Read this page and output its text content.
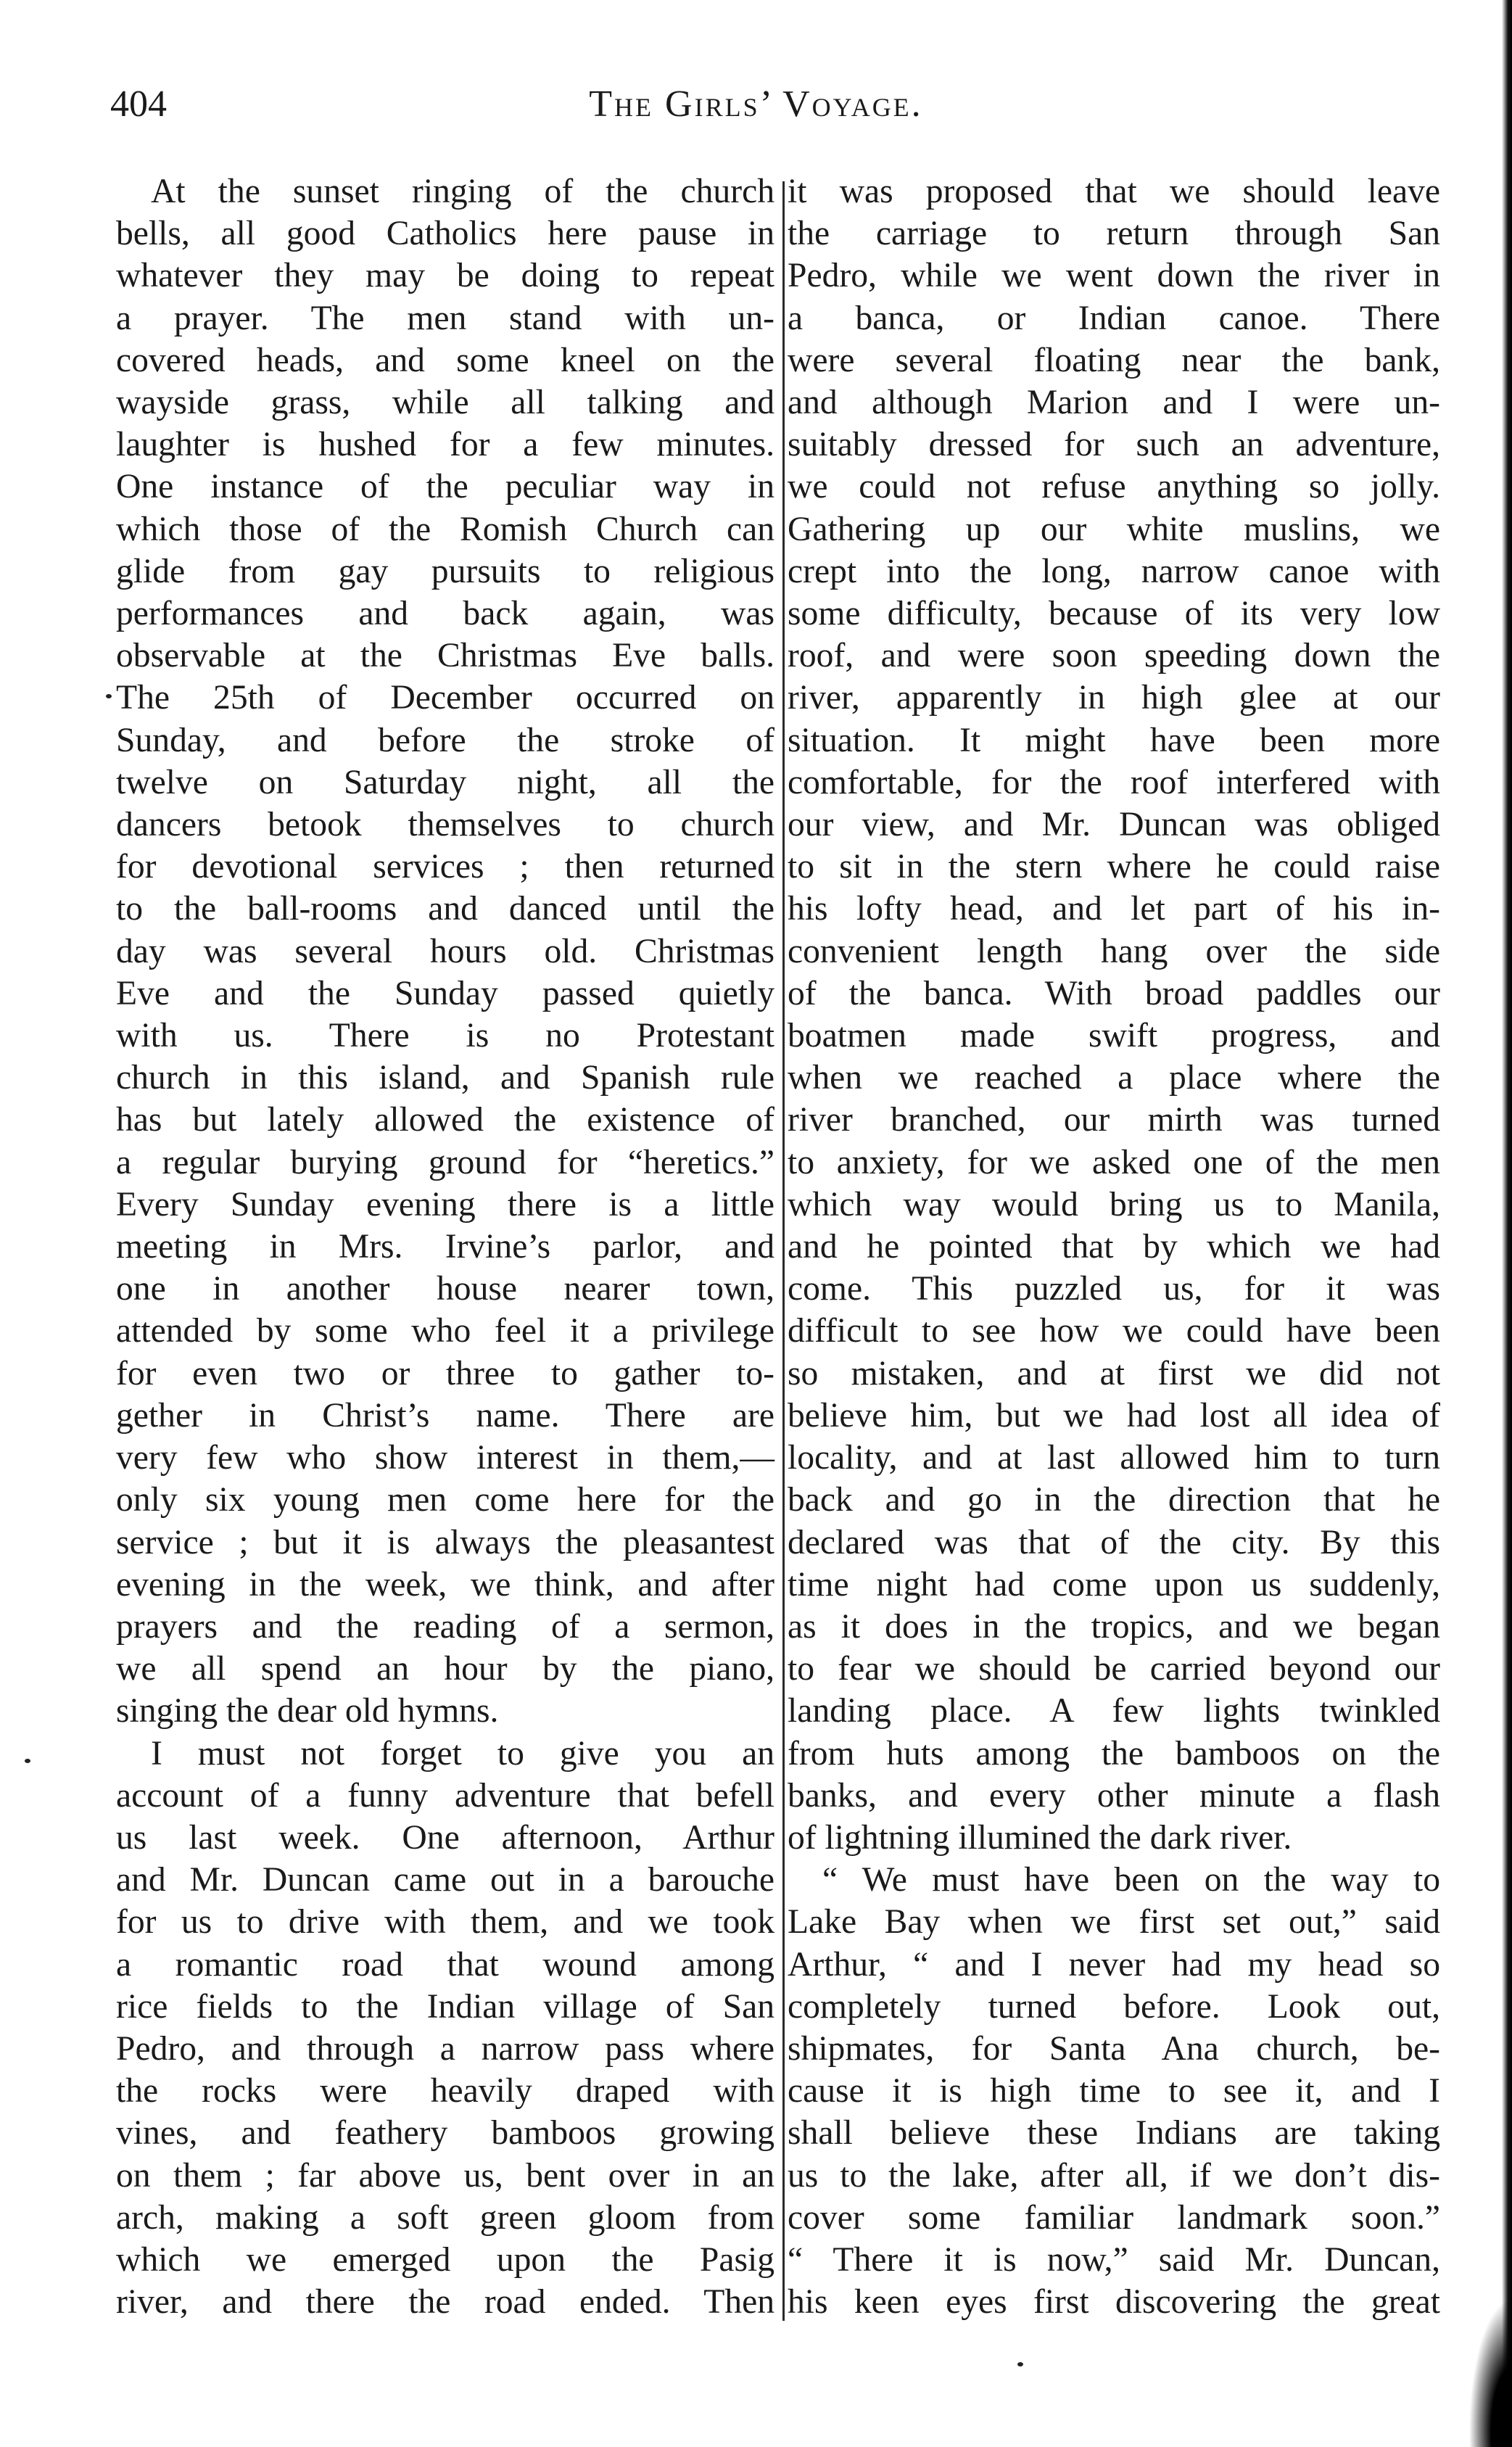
404	The Girls’ Voyage.
At the sunset ringing of the church
bells, all good Catholics here pause in
whatever they may be doing to repeat
a prayer. The men stand with un-
covered heads, and some kneel on the
wayside grass, while all talking and
laughter is hushed for a few minutes.
One instance of the peculiar way in
which those of the Romish Church can
glide from gay pursuits to religious
performances and back again, was
observable at the Christmas Eve balls.
The 25th of December occurred on
Sunday, and before the stroke of
twelve on Saturday night, all the
dancers betook themselves to church
for devotional services ; then returned
to the ball-rooms and danced until the
day was several hours old. Christmas
Eve and the Sunday passed quietly
with us. There is no Protestant
church in this island, and Spanish rule
has but lately allowed the existence of
a regular burying ground for “heretics.”
Every Sunday evening there is a little
meeting in Mrs. Irvine’s parlor, and
one in another house nearer town,
attended by some who feel it a privilege
for even two or three to gather to-
gether in Christ’s name. There are
very few who show interest in them,—
only six young men come here for the
service ; but it is always the pleasantest
evening in the week, we think, and after
prayers and the reading of a sermon,
we all spend an hour by the piano,
singing the dear old hymns.
I must not forget to give you an
account of a funny adventure that befell
us last week. One afternoon, Arthur
and Mr. Duncan came out in a barouche
for us to drive with them, and we took
a romantic road that wound among
rice fields to the Indian village of San
Pedro, and through a narrow pass where
the rocks were heavily draped with
vines, and feathery bamboos growing
on them ; far above us, bent over in an
arch, making a soft green gloom from
which we emerged upon the Pasig
river, and there the road ended. Then
it was proposed that we should leave
the carriage to return through San
Pedro, while we went down the river in
a banca, or Indian canoe. There
were several floating near the bank,
and although Marion and I were un-
suitably dressed for such an adventure,
we could not refuse anything so jolly.
Gathering up our white muslins, we
crept into the long, narrow canoe with
some difficulty, because of its very low
roof, and were soon speeding down the
river, apparently in high glee at our
situation. It might have been more
comfortable, for the roof interfered with
our view, and Mr. Duncan was obliged
to sit in the stern where he could raise
his lofty head, and let part of his in-
convenient length hang over the side
of the banca. With broad paddles our
boatmen made swift progress, and
when we reached a place where the
river branched, our mirth was turned
to anxiety, for we asked one of the men
which way would bring us to Manila,
and he pointed that by which we had
come. This puzzled us, for it was
difficult to see how we could have been
so mistaken, and at first we did not
believe him, but we had lost all idea of
locality, and at last allowed him to turn
back and go in the direction that he
declared was that of the city. By this
time night had come upon us suddenly,
as it does in the tropics, and we began
to fear we should be carried beyond our
landing place. A few lights twinkled
from huts among the bamboos on the
banks, and every other minute a flash
of lightning illumined the dark river.
“ We must have been on the way to
Lake Bay when we first set out,” said
Arthur, “ and I never had my head so
completely turned before. Look out,
shipmates, for Santa Ana church, be-
cause it is high time to see it, and I
shall believe these Indians are taking
us to the lake, after all, if we don’t dis-
cover some familiar landmark soon.”
“ There it is now,” said Mr. Duncan,
his keen eyes first discovering the great
